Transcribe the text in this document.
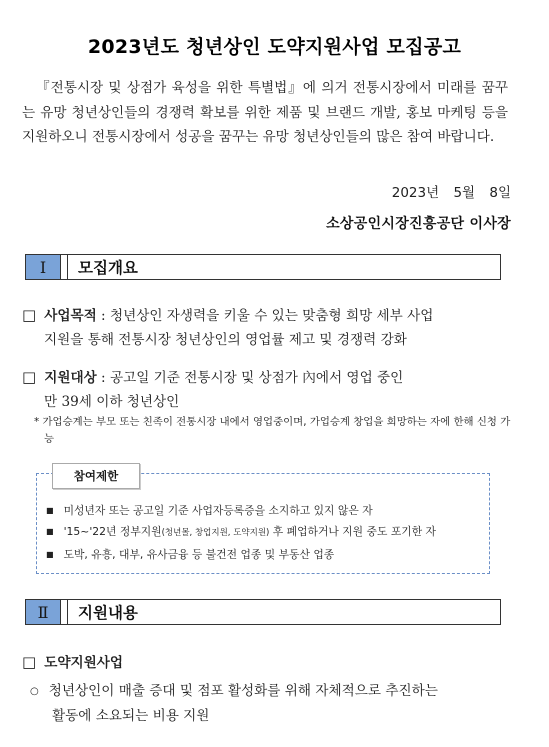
2023년도 청년상인 도약지원사업 모집공고
『전통시장 및 상점가 육성을 위한 특별법』에 의거 전통시장에서 미래를 꿈꾸는 유망 청년상인들의 경쟁력 확보를 위한 제품 및 브랜드 개발, 홍보 마케팅 등을 지원하오니 전통시장에서 성공을 꿈꾸는 유망 청년상인들의 많은 참여 바랍니다.
2023년 5월 8일
소상공인시장진흥공단 이사장
Ⅰ	모집개요
□ 사업목적 : 청년상인 자생력을 키울 수 있는 맞춤형 희망 세부 사업
지원을 통해 전통시장 청년상인의 영업률 제고 및 경쟁력 강화
□ 지원대상 : 공고일 기준 전통시장 및 상점가 內에서 영업 중인
만 39세 이하 청년상인
* 가업승계는 부모 또는 친족이 전통시장 내에서 영업중이며, 가업승계 창업을 희망하는 자에 한해 신청 가능
참여제한
■ 미성년자 또는 공고일 기준 사업자등록증을 소지하고 있지 않은 자
■ '15~'22년 정부지원(청년몰, 창업지원, 도약지원) 후 폐업하거나 지원 중도 포기한 자
■ 도박, 유흥, 대부, 유사금융 등 불건전 업종 및 부동산 업종
Ⅱ	지원내용
□ 도약지원사업
○ 청년상인이 매출 증대 및 점포 활성화를 위해 자체적으로 추진하는
활동에 소요되는 비용 지원
